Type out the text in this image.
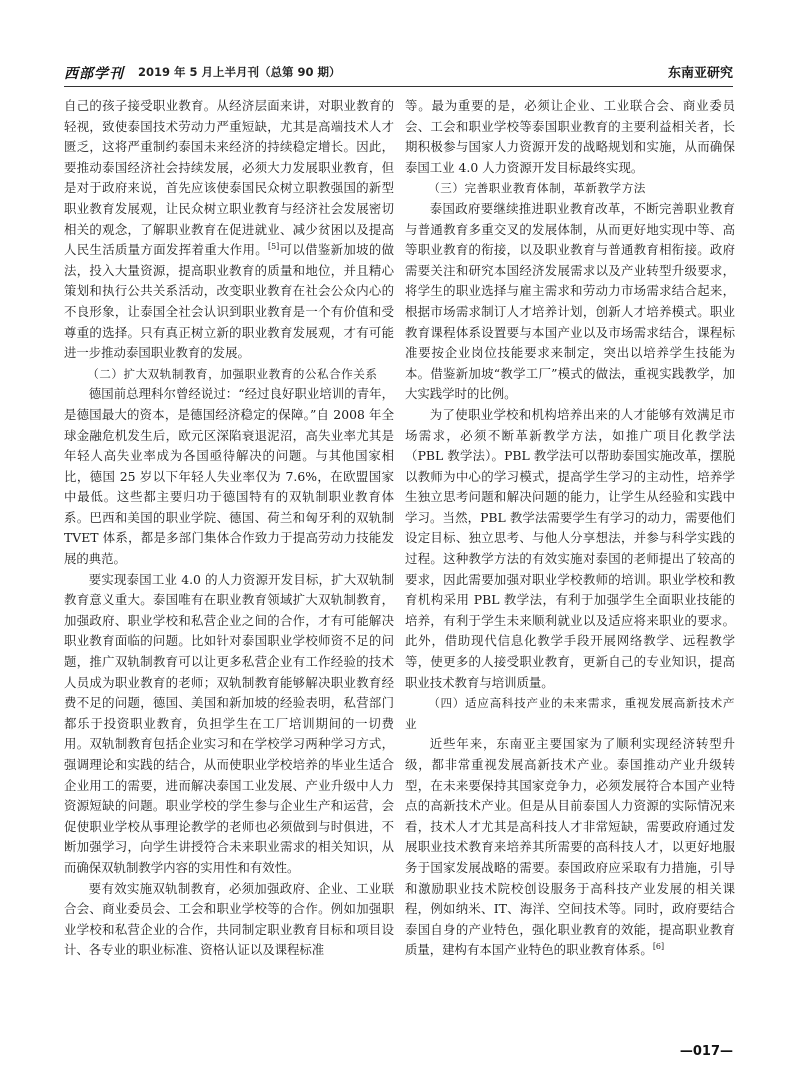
西部学刊 2019 年 5 月上半月刊（总第 90 期）	东南亚研究

自己的孩子接受职业教育。从经济层面来讲，对职业教育的轻视，致使泰国技术劳动力严重短缺，尤其是高端技术人才匮乏，这将严重制约泰国未来经济的持续稳定增长。因此，要推动泰国经济社会持续发展，必须大力发展职业教育，但是对于政府来说，首先应该使泰国民众树立职教强国的新型职业教育发展观，让民众树立职业教育与经济社会发展密切相关的观念，了解职业教育在促进就业、减少贫困以及提高人民生活质量方面发挥着重大作用。[5]可以借鉴新加坡的做法，投入大量资源，提高职业教育的质量和地位，并且精心策划和执行公共关系活动，改变职业教育在社会公众内心的不良形象，让泰国全社会认识到职业教育是一个有价值和受尊重的选择。只有真正树立新的职业教育发展观，才有可能进一步推动泰国职业教育的发展。

（二）扩大双轨制教育，加强职业教育的公私合作关系

德国前总理科尔曾经说过：“经过良好职业培训的青年，是德国最大的资本，是德国经济稳定的保障。”自 2008 年全球金融危机发生后，欧元区深陷衰退泥沼，高失业率尤其是年轻人高失业率成为各国亟待解决的问题。与其他国家相比，德国 25 岁以下年轻人失业率仅为 7.6%，在欧盟国家中最低。这些都主要归功于德国特有的双轨制职业教育体系。巴西和美国的职业学院、德国、荷兰和匈牙利的双轨制 TVET 体系，都是多部门集体合作致力于提高劳动力技能发展的典范。

要实现泰国工业 4.0 的人力资源开发目标，扩大双轨制教育意义重大。泰国唯有在职业教育领域扩大双轨制教育，加强政府、职业学校和私营企业之间的合作，才有可能解决职业教育面临的问题。比如针对泰国职业学校师资不足的问题，推广双轨制教育可以让更多私营企业有工作经验的技术人员成为职业教育的老师；双轨制教育能够解决职业教育经费不足的问题，德国、美国和新加坡的经验表明，私营部门都乐于投资职业教育，负担学生在工厂培训期间的一切费用。双轨制教育包括企业实习和在学校学习两种学习方式，强调理论和实践的结合，从而使职业学校培养的毕业生适合企业用工的需要，进而解决泰国工业发展、产业升级中人力资源短缺的问题。职业学校的学生参与企业生产和运营，会促使职业学校从事理论教学的老师也必须做到与时俱进，不断加强学习，向学生讲授符合未来职业需求的相关知识，从而确保双轨制教学内容的实用性和有效性。

要有效实施双轨制教育，必须加强政府、企业、工业联合会、商业委员会、工会和职业学校等的合作。例如加强职业学校和私营企业的合作，共同制定职业教育目标和项目设计、各专业的职业标准、资格认证以及课程标准

等。最为重要的是，必须让企业、工业联合会、商业委员会、工会和职业学校等泰国职业教育的主要利益相关者，长期积极参与国家人力资源开发的战略规划和实施，从而确保泰国工业 4.0 人力资源开发目标最终实现。

（三）完善职业教育体制，革新教学方法

泰国政府要继续推进职业教育改革，不断完善职业教育与普通教育多重交叉的发展体制，从而更好地实现中等、高等职业教育的衔接，以及职业教育与普通教育相衔接。政府需要关注和研究本国经济发展需求以及产业转型升级要求，将学生的职业选择与雇主需求和劳动力市场需求结合起来，根据市场需求制订人才培养计划，创新人才培养模式。职业教育课程体系设置要与本国产业以及市场需求结合，课程标准要按企业岗位技能要求来制定，突出以培养学生技能为本。借鉴新加坡“教学工厂”模式的做法，重视实践教学，加大实践学时的比例。

为了使职业学校和机构培养出来的人才能够有效满足市场需求，必须不断革新教学方法，如推广项目化教学法（PBL 教学法）。PBL 教学法可以帮助泰国实施改革，摆脱以教师为中心的学习模式，提高学生学习的主动性，培养学生独立思考问题和解决问题的能力，让学生从经验和实践中学习。当然，PBL 教学法需要学生有学习的动力，需要他们设定目标、独立思考、与他人分享想法，并参与科学实践的过程。这种教学方法的有效实施对泰国的老师提出了较高的要求，因此需要加强对职业学校教师的培训。职业学校和教育机构采用 PBL 教学法，有利于加强学生全面职业技能的培养，有利于学生未来顺利就业以及适应将来职业的要求。此外，借助现代信息化教学手段开展网络教学、远程教学等，使更多的人接受职业教育，更新自己的专业知识，提高职业技术教育与培训质量。

（四）适应高科技产业的未来需求，重视发展高新技术产业

近些年来，东南亚主要国家为了顺利实现经济转型升级，都非常重视发展高新技术产业。泰国推动产业升级转型，在未来要保持其国家竞争力，必须发展符合本国产业特点的高新技术产业。但是从目前泰国人力资源的实际情况来看，技术人才尤其是高科技人才非常短缺，需要政府通过发展职业技术教育来培养其所需要的高科技人才，以更好地服务于国家发展战略的需要。泰国政府应采取有力措施，引导和激励职业技术院校创设服务于高科技产业发展的相关课程，例如纳米、IT、海洋、空间技术等。同时，政府要结合泰国自身的产业特色，强化职业教育的效能，提高职业教育质量，建构有本国产业特色的职业教育体系。[6]

—017—
